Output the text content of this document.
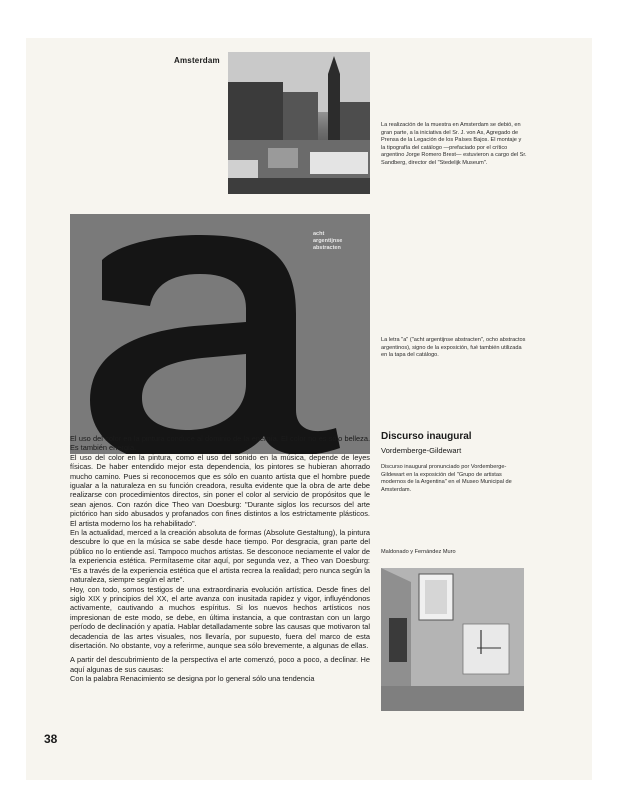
Amsterdam
La realización de la muestra en Amsterdam se debió, en gran parte, a la iniciativa del Sr. J. von As, Agregado de Prensa de la Legación de los Países Bajos. El montaje y la tipografía del catálogo —prefaciado por el crítico argentino Jorge Romero Brest— estuvieron a cargo del Sr. Sandberg, director del "Stedelijk Museum".
acht
argentijnse
abstracten
La letra "a" ("acht argentijnse abstracten", ocho abstractos argentinos), signo de la exposición, fué también utilizada en la tapa del catálogo.

El uso del color en la pintura conduce al dominio de la energía. El color no es sólo belleza. Es también energía.

El uso del color en la pintura, como el uso del sonido en la música, depende de leyes físicas. De haber entendido mejor esta dependencia, los pintores se hubieran ahorrado mucho camino. Pues si reconocemos que es sólo en cuanto artista que el hombre puede igualar a la naturaleza en su función creadora, resulta evidente que la obra de arte debe realizarse con procedimientos directos, sin poner el color al servicio de propósitos que le sean ajenos. Con razón dice Theo van Doesburg: "Durante siglos los recursos del arte pictórico han sido abusados y profanados con fines distintos a los estrictamente plásticos. El artista moderno los ha rehabilitado".

En la actualidad, merced a la creación absoluta de formas (Absolute Gestaltung), la pintura descubre lo que en la música se sabe desde hace tiempo. Por desgracia, gran parte del público no lo entiende así. Tampoco muchos artistas. Se desconoce neciamente el valor de la experiencia estética. Permítaseme citar aquí, por segunda vez, a Theo van Doesburg: "Es a través de la experiencia estética que el artista recrea la realidad; pero nunca según la naturaleza, siempre según el arte".

Hoy, con todo, somos testigos de una extraordinaria evolución artística. Desde fines del siglo XIX y principios del XX, el arte avanza con inusitada rapidez y vigor, influyéndonos activamente, cautivando a muchos espíritus. Si los nuevos hechos artísticos nos impresionan de este modo, se debe, en última instancia, a que contrastan con un largo período de declinación y apatía. Hablar detalladamente sobre las causas que motivaron tal decadencia de las artes visuales, nos llevaría, por supuesto, fuera del marco de esta disertación. No obstante, voy a referirme, aunque sea sólo brevemente, a algunas de ellas.

A partir del descubrimiento de la perspectiva el arte comenzó, poco a poco, a declinar. He aquí algunas de sus causas:

Con la palabra Renacimiento se designa por lo general sólo una tendencia

Discurso inaugural
Vordemberge-Gildewart
Discurso inaugural pronunciado por Vordemberge-Gildewart en la exposición del "Grupo de artistas modernos de la Argentina" en el Museo Municipal de Amsterdam.
Maldonado y Fernández Muro
38
